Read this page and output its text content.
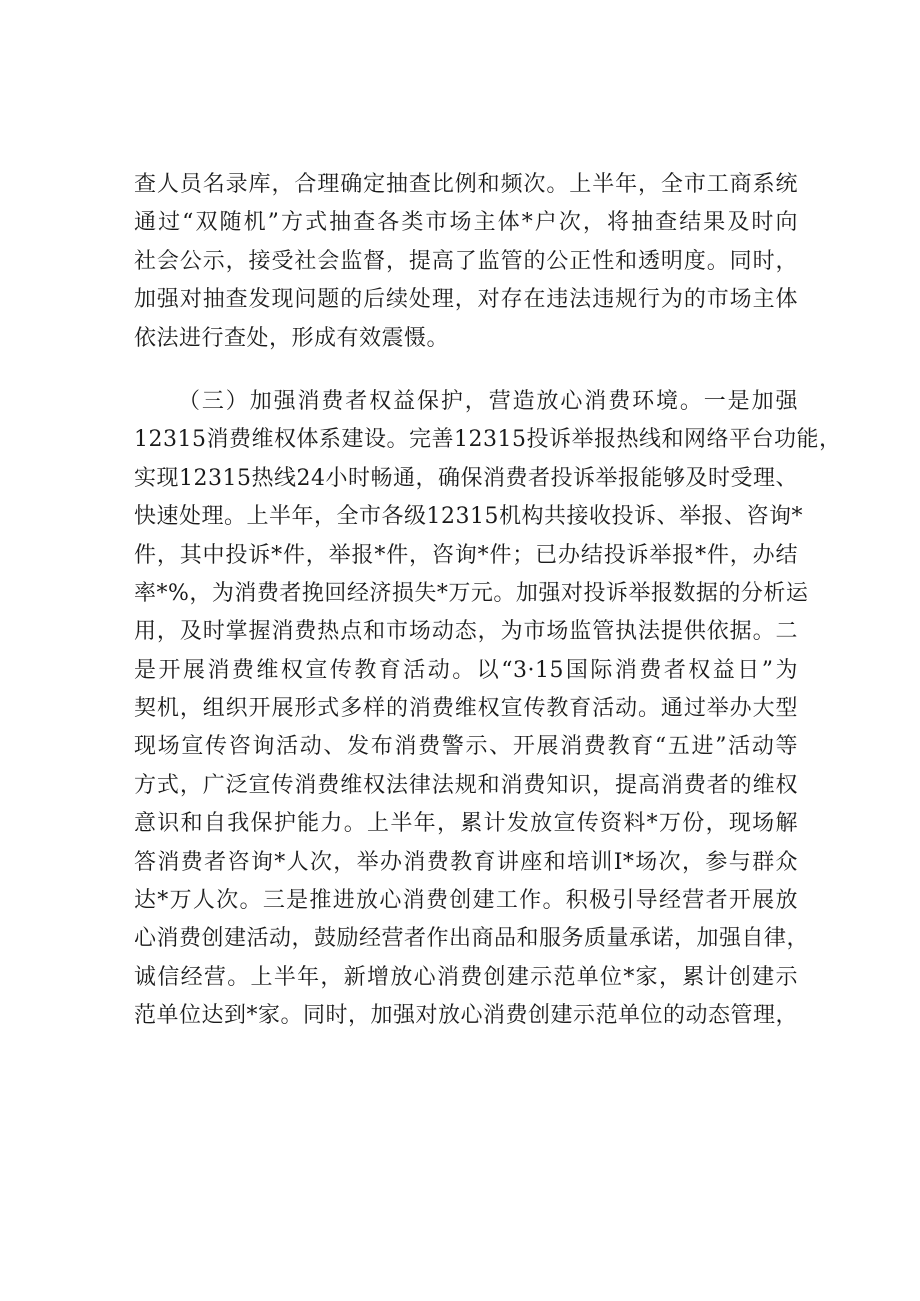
查人员名录库，合理确定抽查比例和频次。上半年，全市工商系统
通过“双随机”方式抽查各类市场主体*户次，将抽查结果及时向
社会公示，接受社会监督，提高了监管的公正性和透明度。同时，
加强对抽查发现问题的后续处理，对存在违法违规行为的市场主体
依法进行查处，形成有效震慑。
（三）加强消费者权益保护，营造放心消费环境。一是加强
12315消费维权体系建设。完善12315投诉举报热线和网络平台功能，
实现12315热线24小时畅通，确保消费者投诉举报能够及时受理、
快速处理。上半年，全市各级12315机构共接收投诉、举报、咨询*
件，其中投诉*件，举报*件，咨询*件；已办结投诉举报*件，办结
率*%，为消费者挽回经济损失*万元。加强对投诉举报数据的分析运
用，及时掌握消费热点和市场动态，为市场监管执法提供依据。二
是开展消费维权宣传教育活动。以“3·15国际消费者权益日”为
契机，组织开展形式多样的消费维权宣传教育活动。通过举办大型
现场宣传咨询活动、发布消费警示、开展消费教育“五进”活动等
方式，广泛宣传消费维权法律法规和消费知识，提高消费者的维权
意识和自我保护能力。上半年，累计发放宣传资料*万份，现场解
答消费者咨询*人次，举办消费教育讲座和培训I*场次，参与群众
达*万人次。三是推进放心消费创建工作。积极引导经营者开展放
心消费创建活动，鼓励经营者作出商品和服务质量承诺，加强自律，
诚信经营。上半年，新增放心消费创建示范单位*家，累计创建示
范单位达到*家。同时，加强对放心消费创建示范单位的动态管理，
